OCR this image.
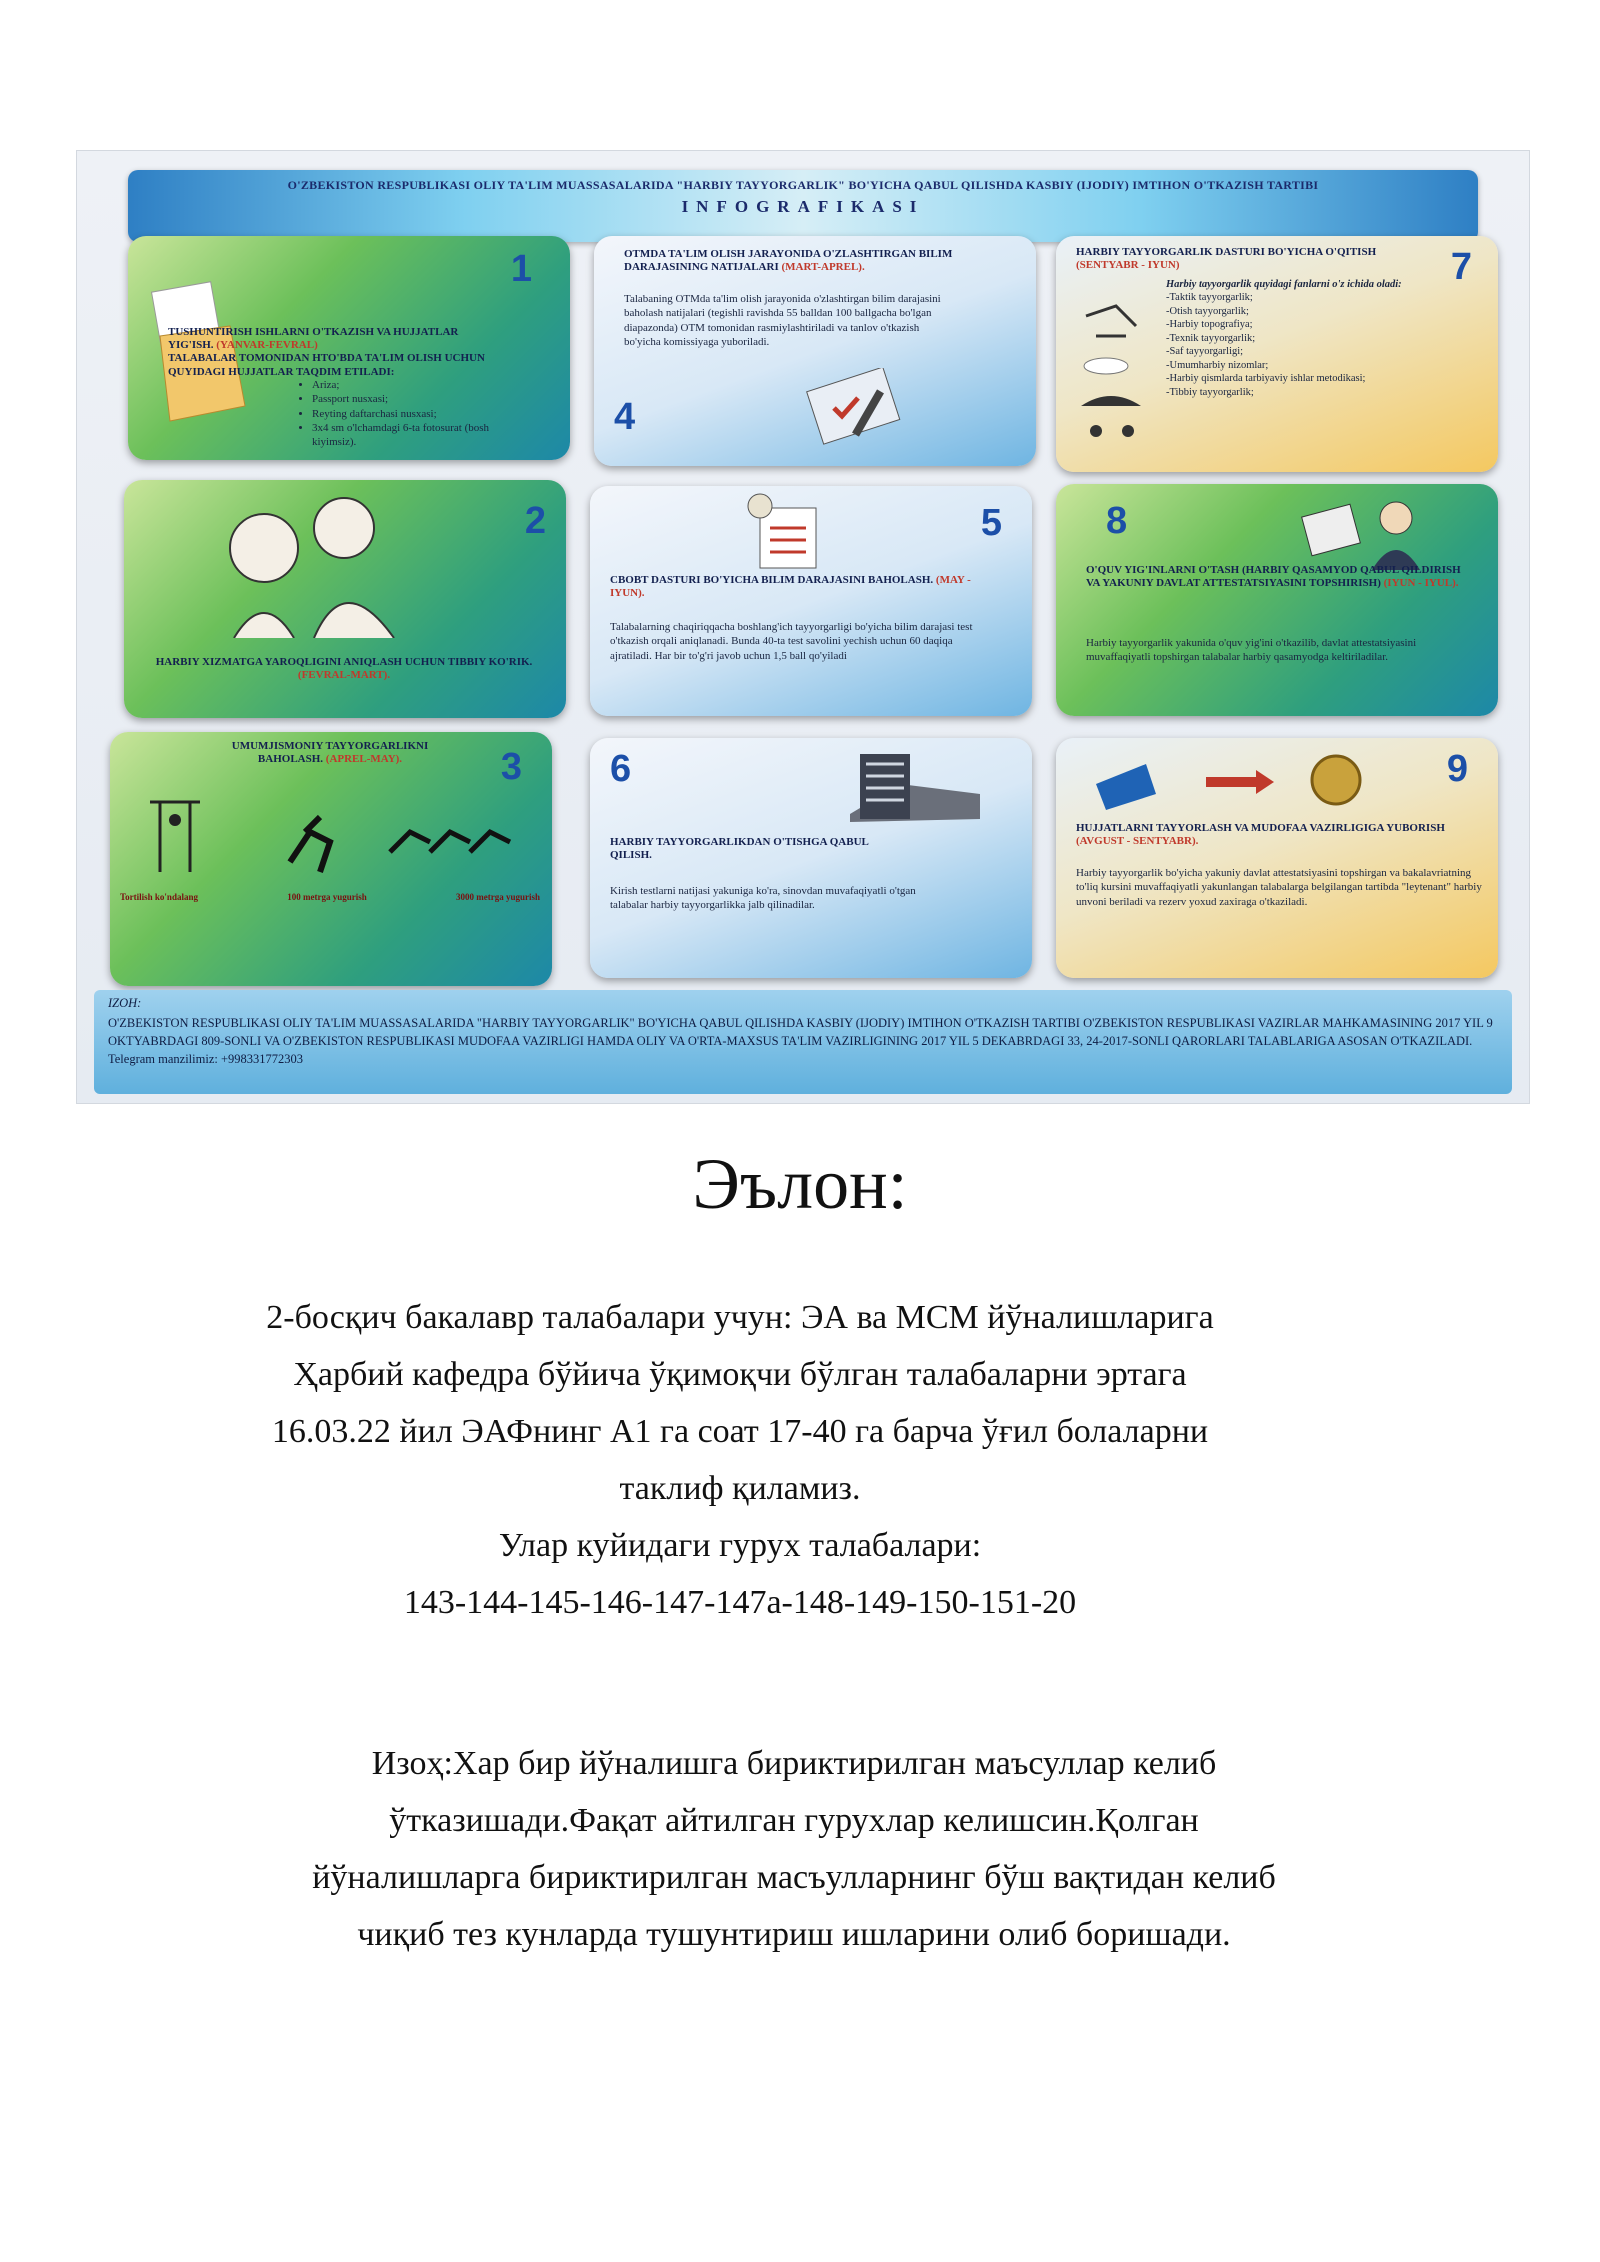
O'ZBEKISTON RESPUBLIKASI OLIY TA'LIM MUASSASALARIDA "HARBIY TAYYORGARLIK" BO'YICHA QABUL QILISHDA KASBIY (IJODIY) IMTIHON O'TKAZISH TARTIBI
INFOGRAFIKASI
1
TUSHUNTIRISH ISHLARNI O'TKAZISH VA HUJJATLAR YIG'ISH. (YANVAR-FEVRAL)
TALABALAR TOMONIDAN HTO'BDA TA'LIM OLISH UCHUN QUYIDAGI HUJJATLAR TAQDIM ETILADI:
• Ariza;
• Passport nusxasi;
• Reyting daftarchasi nusxasi;
• 3x4 sm o'lchamdagi 6-ta fotosurat (bosh kiyimsiz).
OTMDA TA'LIM OLISH JARAYONIDA O'ZLASHTIRGAN BILIM DARAJASINING NATIJALARI (MART-APREL).
Talabaning OTMda ta'lim olish jarayonida o'zlashtirgan bilim darajasini baholash natijalari (tegishli ravishda 55 balldan 100 ballgacha bo'lgan diapazonda) OTM tomonidan rasmiylashtiriladi va tanlov o'tkazish bo'yicha komissiyaga yuboriladi.
4
7
HARBIY TAYYORGARLIK DASTURI BO'YICHA O'QITISH (SENTYABR - IYUN)
Harbiy tayyorgarlik quyidagi fanlarni o'z ichida oladi:
-Taktik tayyorgarlik;
-Otish tayyorgarlik;
-Harbiy topografiya;
-Texnik tayyorgarlik;
-Saf tayyorgarligi;
-Umumharbiy nizomlar;
-Harbiy qismlarda tarbiyaviy ishlar metodikasi;
-Tibbiy tayyorgarlik;
2
HARBIY XIZMATGA YAROQLIGINI ANIQLASH UCHUN TIBBIY KO'RIK. (FEVRAL-MART).
5
CBOBT DASTURI BO'YICHA BILIM DARAJASINI BAHOLASH. (MAY - IYUN).
Talabalarning chaqiriqqacha boshlang'ich tayyorgarligi bo'yicha bilim darajasi test o'tkazish orqali aniqlanadi. Bunda 40-ta test savolini yechish uchun 60 daqiqa ajratiladi. Har bir to'g'ri javob uchun 1,5 ball qo'yiladi
8
O'QUV YIG'INLARNI O'TASH (HARBIY QASAMYOD QABUL QILDIRISH VA YAKUNIY DAVLAT ATTESTATSIYASINI TOPSHIRISH) (IYUN - IYUL).
Harbiy tayyorgarlik yakunida o'quv yig'ini o'tkazilib, davlat attestatsiyasini muvaffaqiyatli topshirgan talabalar harbiy qasamyodga keltiriladilar.
UMUMJISMONIY TAYYORGARLIKNI BAHOLASH. (APREL-MAY).	3
Tortilish ko'ndalang	100 metrga yugurish	3000 metrga yugurish
6
HARBIY TAYYORGARLIKDAN O'TISHGA QABUL QILISH.
Kirish testlarni natijasi yakuniga ko'ra, sinovdan muvafaqiyatli o'tgan talabalar harbiy tayyorgarlikka jalb qilinadilar.
9
HUJJATLARNI TAYYORLASH VA MUDOFAA VAZIRLIGIGA YUBORISH (AVGUST - SENTYABR).
Harbiy tayyorgarlik bo'yicha yakuniy davlat attestatsiyasini topshirgan va bakalavriatning to'liq kursini muvaffaqiyatli yakunlangan talabalarga belgilangan tartibda "leytenant" harbiy unvoni beriladi va rezerv yoxud zaxiraga o'tkaziladi.
IZOH:
O'ZBEKISTON RESPUBLIKASI OLIY TA'LIM MUASSASALARIDA "HARBIY TAYYORGARLIK" BO'YICHA QABUL QILISHDA KASBIY (IJODIY) IMTIHON O'TKAZISH TARTIBI O'ZBEKISTON RESPUBLIKASI VAZIRLAR MAHKAMASINING 2017 YIL 9 OKTYABRDAGI 809-SONLI VA O'ZBEKISTON RESPUBLIKASI MUDOFAA VAZIRLIGI HAMDA OLIY VA O'RTA-MAXSUS TA'LIM VAZIRLIGINING 2017 YIL 5 DEKABRDAGI 33, 24-2017-SONLI QARORLARI TALABLARIGA ASOSAN O'TKAZILADI. Telegram manzilimiz: +998331772303
Эълон:
2-босқич бакалавр талабалари учун: ЭА ва МСМ йўналишларига
Ҳарбий кафедра бўйича ўқимоқчи бўлган талабаларни эртага
16.03.22 йил ЭАФнинг А1 га соат 17-40 га барча ўғил болаларни
таклиф қиламиз.
Улар куйидаги гурух талабалари:
143-144-145-146-147-147а-148-149-150-151-20
Изоҳ:Хар бир йўналишга бириктирилган маъсуллар келиб
ўтказишади.Фақат айтилган гурухлар келишсин.Қолган
йўналишларга бириктирилган масъулларнинг бўш вақтидан келиб
чиқиб тез кунларда тушунтириш ишларини олиб боришади.
